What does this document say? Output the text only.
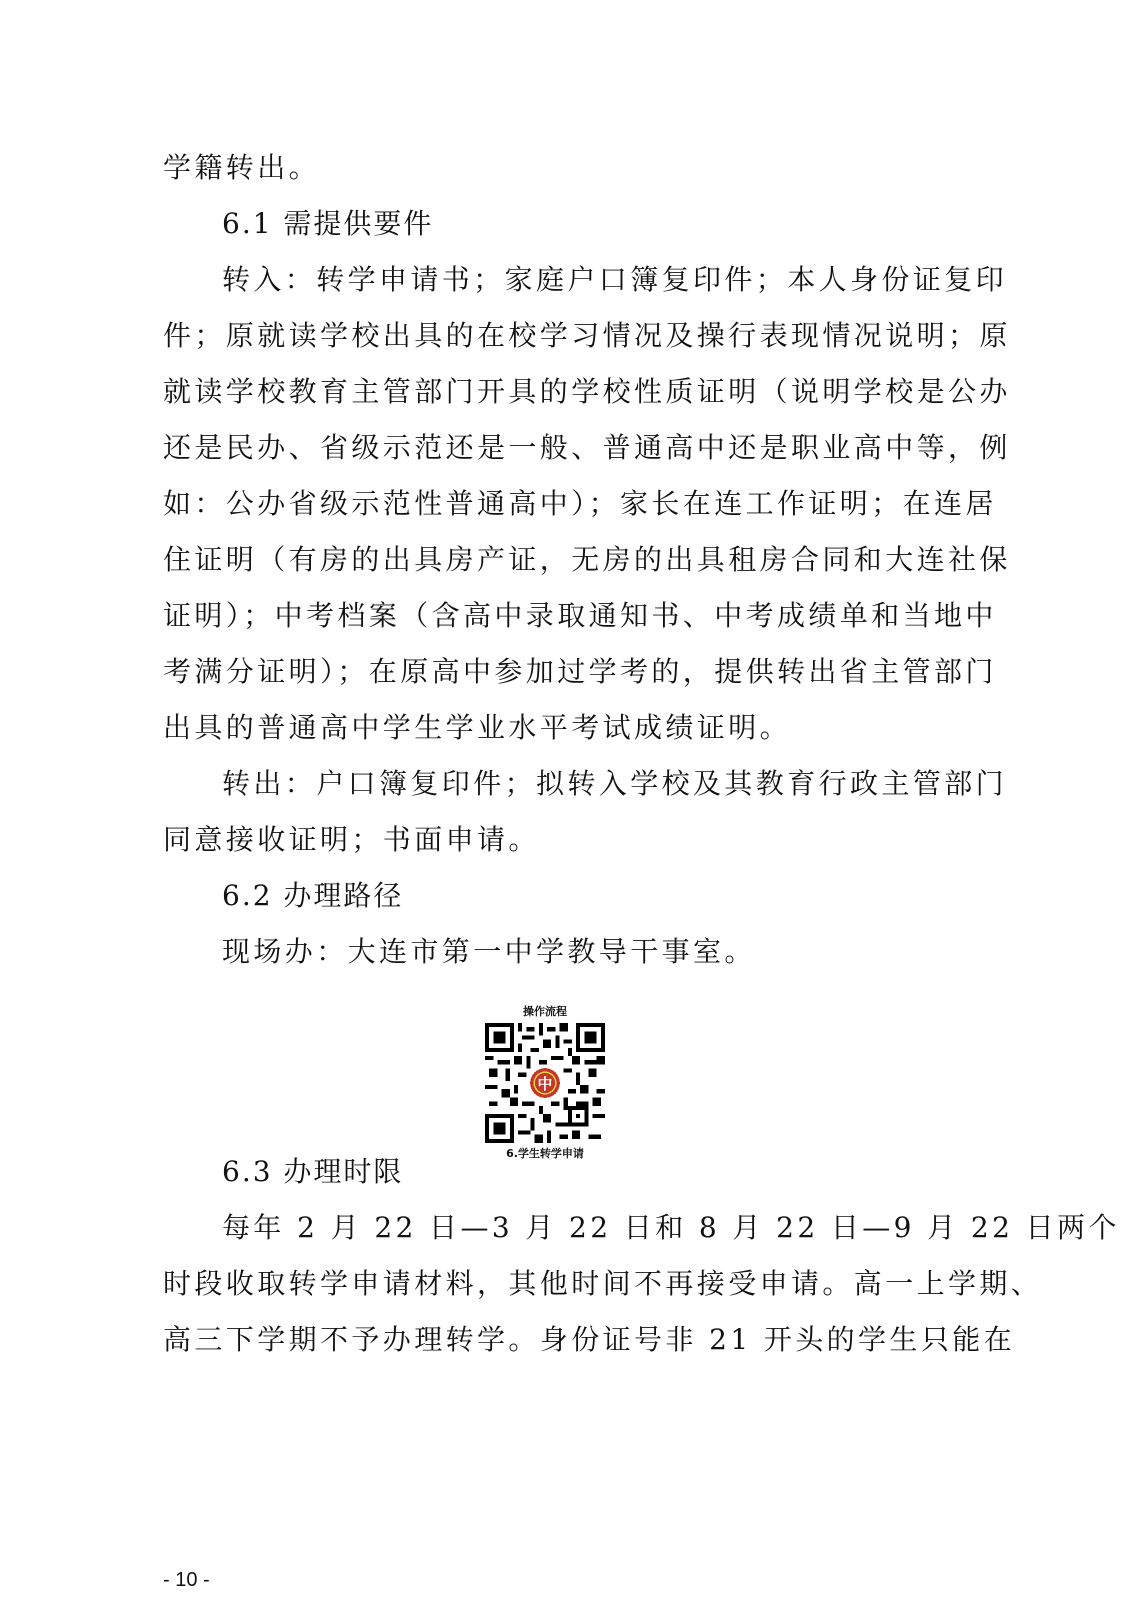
学籍转出。
6.1 需提供要件
转入：转学申请书；家庭户口簿复印件；本人身份证复印
件；原就读学校出具的在校学习情况及操行表现情况说明；原
就读学校教育主管部门开具的学校性质证明（说明学校是公办
还是民办、省级示范还是一般、普通高中还是职业高中等，例
如：公办省级示范性普通高中）；家长在连工作证明；在连居
住证明（有房的出具房产证，无房的出具租房合同和大连社保
证明）；中考档案（含高中录取通知书、中考成绩单和当地中
考满分证明）；在原高中参加过学考的，提供转出省主管部门
出具的普通高中学生学业水平考试成绩证明。
转出：户口簿复印件；拟转入学校及其教育行政主管部门
同意接收证明；书面申请。
6.2 办理路径
现场办：大连市第一中学教导干事室。
操作流程
中
6.学生转学申请
6.3 办理时限
每年 2 月 22 日—3 月 22 日和 8 月 22 日—9 月 22 日两个
时段收取转学申请材料，其他时间不再接受申请。高一上学期、
高三下学期不予办理转学。身份证号非 21 开头的学生只能在
- 10 -
